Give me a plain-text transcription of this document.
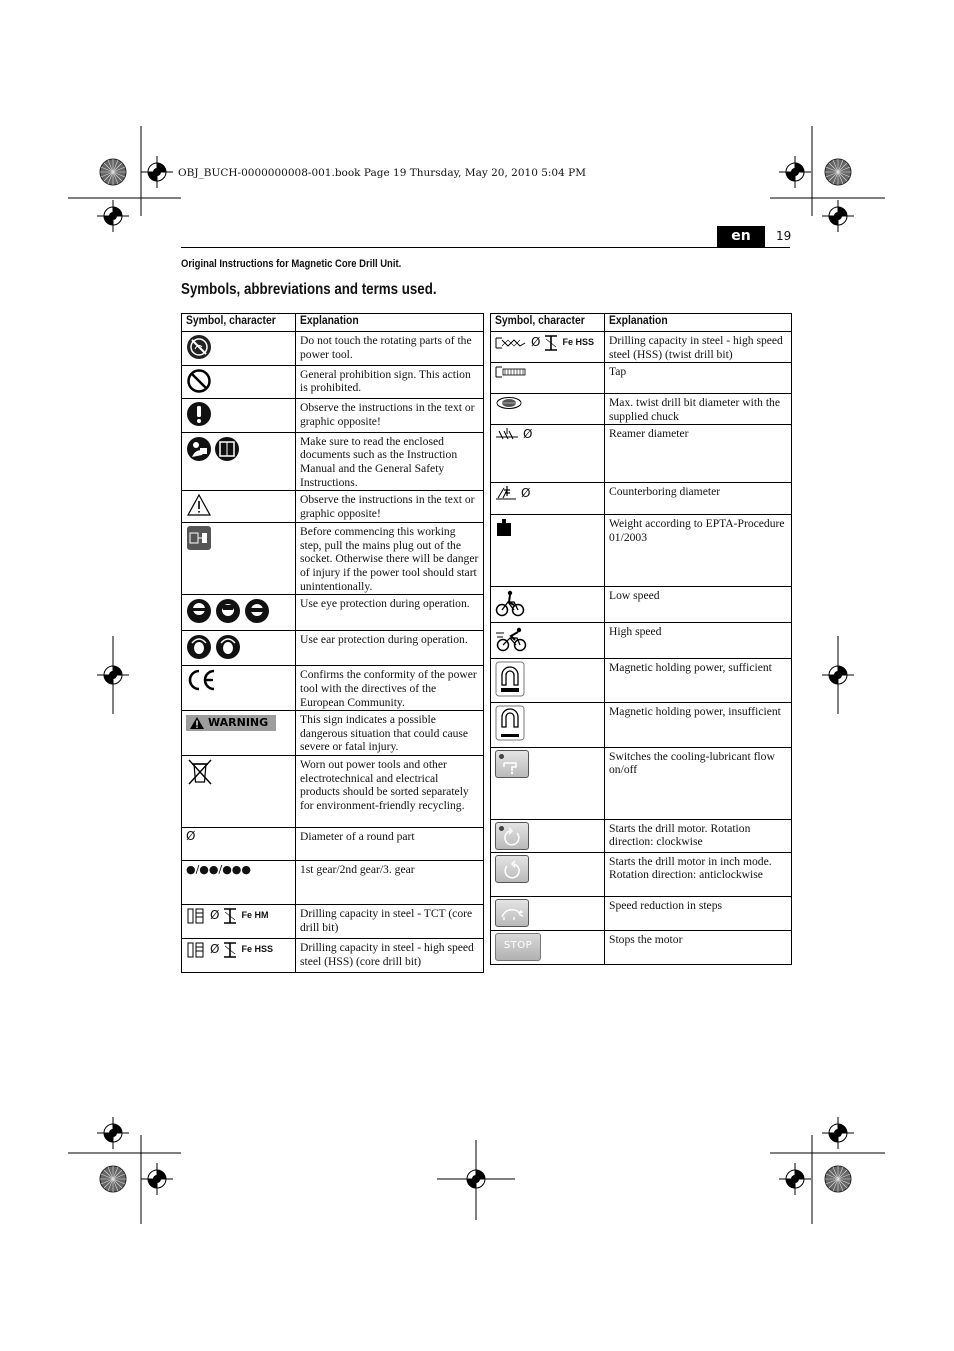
OBJ_BUCH-0000000008-001.book Page 19 Thursday, May 20, 2010 5:04 PM
en	19
Original Instructions for Magnetic Core Drill Unit.
Symbols, abbreviations and terms used.
Symbol, character	Explanation
	Do not touch the rotating parts of the power tool.
	General prohibition sign. This action is prohibited.
	Observe the instructions in the text or graphic opposite!
	Make sure to read the enclosed documents such as the Instruction Manual and the General Safety Instructions.
	Observe the instructions in the text or graphic opposite!
	Before commencing this working step, pull the mains plug out of the socket. Otherwise there will be danger of injury if the power tool should start unintentionally.
	Use eye protection during operation.
	Use ear protection during operation.
	Confirms the conformity of the power tool with the directives of the European Community.

WARNING	This sign indicates a possible dangerous situation that could cause severe or fatal injury.
	Worn out power tools and other electrotechnical and electrical products should be sorted separately for environment-friendly recycling.
Ø	Diameter of a round part
●/●●/●●●	1st gear/2nd gear/3. gear

Ø Fe HM	Drilling capacity in steel - TCT (core drill bit)

Ø Fe HSS	Drilling capacity in steel - high speed steel (HSS) (core drill bit)
Symbol, character	Explanation

Ø Fe HSS	Drilling capacity in steel - high speed steel (HSS) (twist drill bit)
	Tap
	Max. twist drill bit diameter with the supplied chuck

Ø	Reamer diameter

Ø	Counterboring diameter
	Weight according to EPTA-Procedure 01/2003
	Low speed
	High speed
	Magnetic holding power, sufficient
	Magnetic holding power, insufficient

	Switches the cooling-lubricant flow on/off

	Starts the drill motor. Rotation direction: clockwise

	Starts the drill motor in inch mode. Rotation direction: anticlockwise

	Speed reduction in steps

STOP	Stops the motor
